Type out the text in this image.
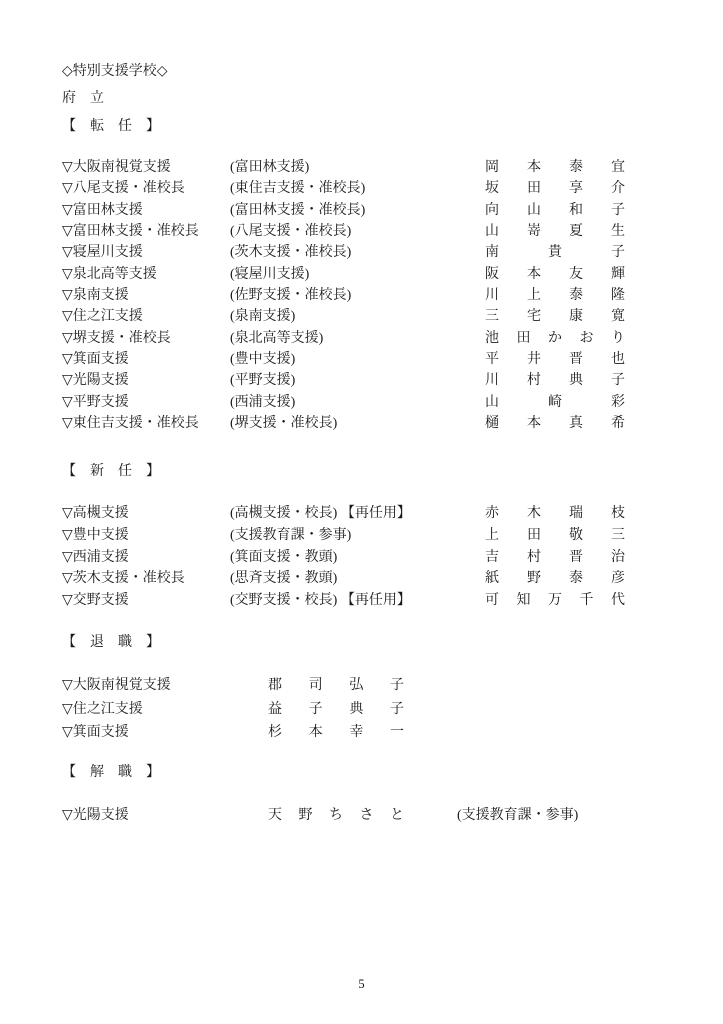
◇特別支援学校◇
府　立
【　転　任　】
▽大阪南視覚支援	(富田林支援)	岡 本 泰 宜
▽八尾支援・准校長	(東住吉支援・准校長)	坂 田 享 介
▽富田林支援	(富田林支援・准校長)	向 山 和 子
▽富田林支援・准校長 (八尾支援・准校長)	山 嵜 夏 生
▽寝屋川支援	(茨木支援・准校長)	南	貴	子
▽泉北高等支援	(寝屋川支援)	阪 本 友 輝
▽泉南支援	(佐野支援・准校長)	川 上 泰 隆
▽住之江支援	(泉南支援)	三 宅 康 寛
▽堺支援・准校長	(泉北高等支援)	池 田 か お り
▽箕面支援	(豊中支援)	平 井 晋 也
▽光陽支援	(平野支援)	川 村 典 子
▽平野支援	(西浦支援)	山	崎	彩
▽東住吉支援・准校長 (堺支援・准校長)	樋 本 真 希
【　新　任　】
▽高槻支援	(高槻支援・校長) 【再任用】	赤 木 瑞 枝
▽豊中支援	(支援教育課・参事)	上 田 敬 三
▽西浦支援	(箕面支援・教頭)	吉 村 晋 治
▽茨木支援・准校長	(思斉支援・教頭)	紙 野 泰 彦
▽交野支援	(交野支援・校長) 【再任用】	可 知 万 千 代
【　退　職　】
▽大阪南視覚支援	郡 司 弘 子
▽住之江支援	益 子 典 子
▽箕面支援	杉 本 幸 一
【　解　職　】
▽光陽支援	天 野 ち さ と	(支援教育課・参事)
5
